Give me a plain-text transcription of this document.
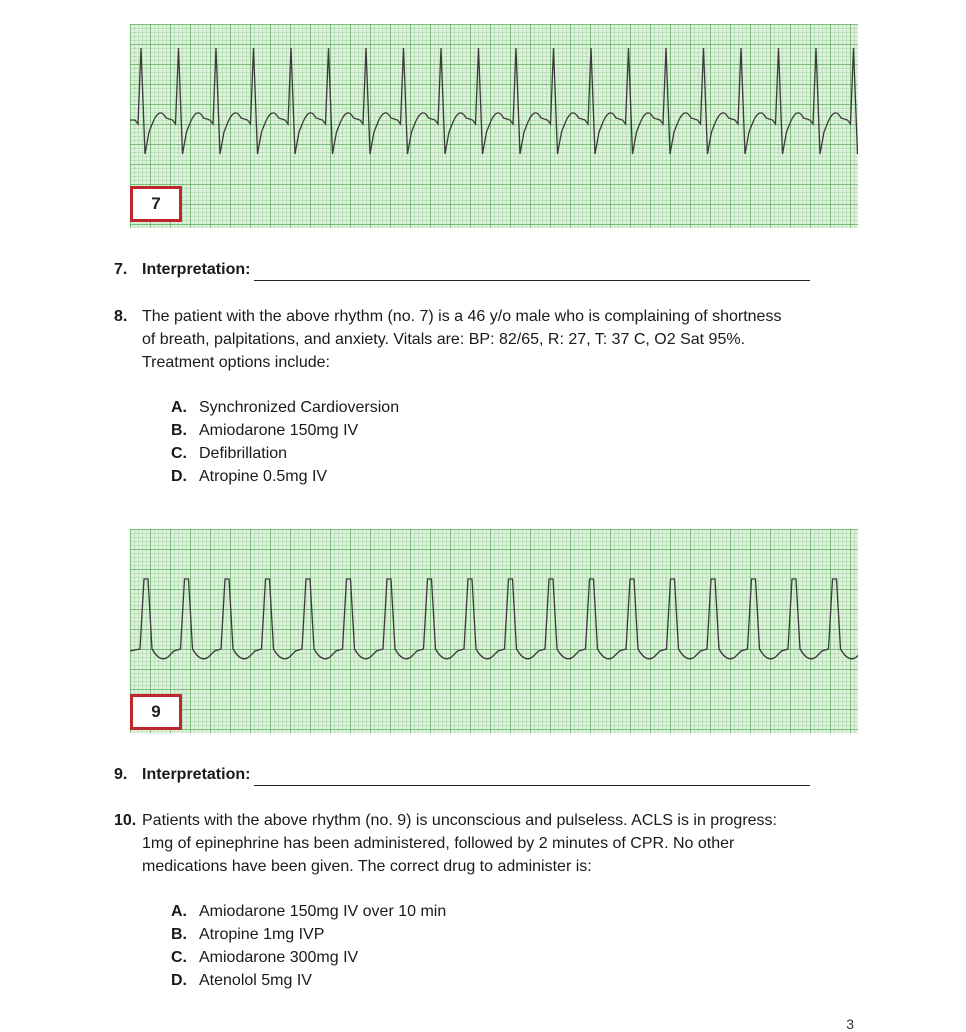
7
7. Interpretation:
8. The patient with the above rhythm (no. 7) is a 46 y/o male who is complaining of shortness
of breath, palpitations, and anxiety. Vitals are: BP: 82/65, R: 27, T: 37 C, O2 Sat 95%.
Treatment options include:
A. Synchronized Cardioversion
B. Amiodarone 150mg IV
C. Defibrillation
D. Atropine 0.5mg IV
9
9. Interpretation:
10. Patients with the above rhythm (no. 9) is unconscious and pulseless. ACLS is in progress:
1mg of epinephrine has been administered, followed by 2 minutes of CPR. No other
medications have been given. The correct drug to administer is:
A. Amiodarone 150mg IV over 10 min
B. Atropine 1mg IVP
C. Amiodarone 300mg IV
D. Atenolol 5mg IV
3
